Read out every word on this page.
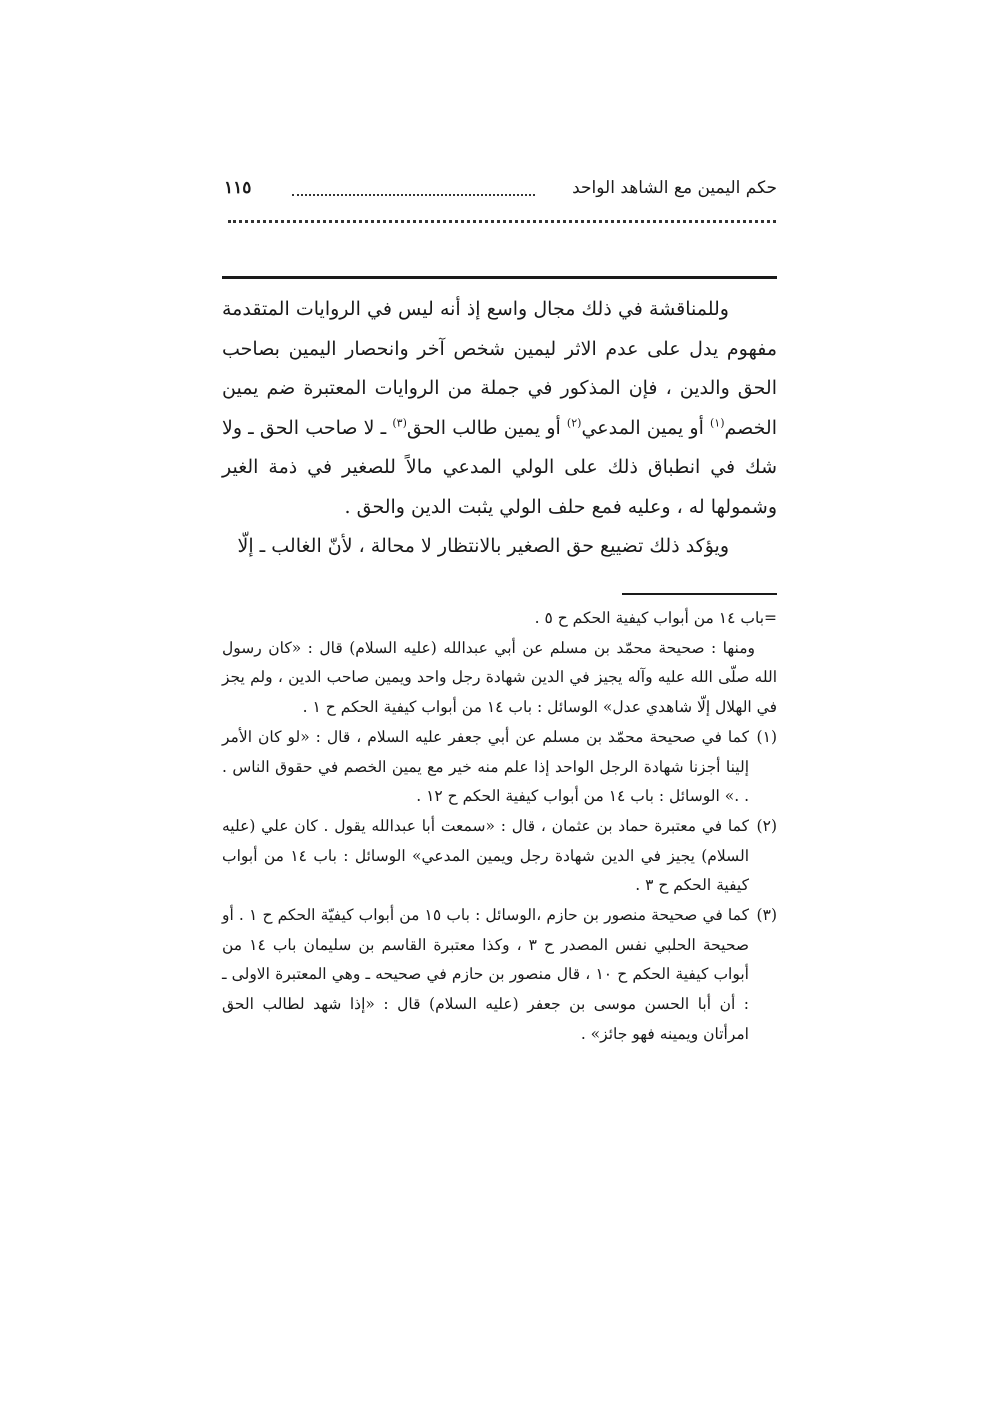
حكم اليمين مع الشاهد الواحد
١١٥

وللمناقشة في ذلك مجال واسع إذ أنه ليس في الروايات المتقدمة مفهوم يدل على عدم الاثر ليمين شخص آخر وانحصار اليمين بصاحب الحق والدين ، فإن المذكور في جملة من الروايات المعتبرة ضم يمين الخصم$^{(١)}$ أو يمين المدعي$^{(٢)}$ أو يمين طالب الحق$^{(٣)}$ ـ لا صاحب الحق ـ ولا شك في انطباق ذلك على الولي المدعي مالاً للصغير في ذمة الغير وشمولها له ، وعليه فمع حلف الولي يثبت الدين والحق .

ويؤكد ذلك تضييع حق الصغير بالانتظار لا محالة ، لأنّ الغالب ـ إلّا

=باب ١٤ من أبواب كيفية الحكم ح ٥ .

ومنها : صحيحة محمّد بن مسلم عن أبي عبدالله (عليه السلام) قال : «كان رسول الله صلّى الله عليه وآله يجيز في الدين شهادة رجل واحد ويمين صاحب الدين ، ولم يجز في الهلال إلّا شاهدي عدل» الوسائل : باب ١٤ من أبواب كيفية الحكم ح ١ .

(١)
كما في صحيحة محمّد بن مسلم عن أبي جعفر عليه السلام ، قال : «لو كان الأمر إلينا أجزنا شهادة الرجل الواحد إذا علم منه خير مع يمين الخصم في حقوق الناس . . .» الوسائل : باب ١٤ من أبواب كيفية الحكم ح ١٢ .

(٢)
كما في معتبرة حماد بن عثمان ، قال : «سمعت أبا عبدالله يقول . كان علي (عليه السلام) يجيز في الدين شهادة رجل ويمين المدعي» الوسائل : باب ١٤ من أبواب كيفية الحكم ح ٣ .

(٣)
كما في صحيحة منصور بن حازم ،الوسائل : باب ١٥ من أبواب كيفيّة الحكم ح ١ . أو صحيحة الحلبي نفس المصدر ح ٣ ، وكذا معتبرة القاسم بن سليمان باب ١٤ من أبواب كيفية الحكم ح ١٠ ، قال منصور بن حازم في صحيحه ـ وهي المعتبرة الاولى ـ : أن أبا الحسن موسى بن جعفر (عليه السلام) قال : «إذا شهد لطالب الحق امرأتان ويمينه فهو جائز» .
